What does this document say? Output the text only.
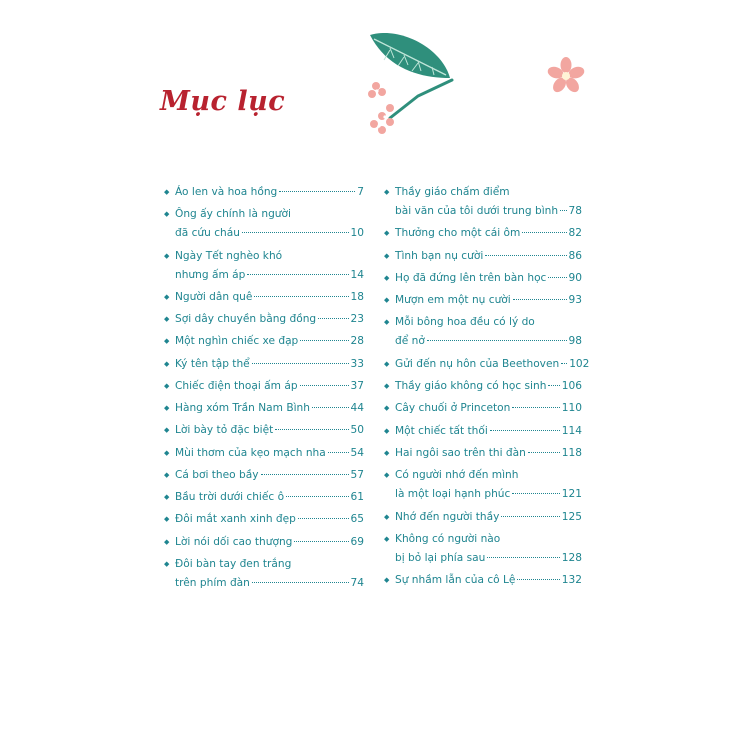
Mục lục
◆ Áo len và hoa hồng	7
◆ Ông ấy chính là người
đã cứu cháu	10
◆ Ngày Tết nghèo khó
nhưng ấm áp	14
◆ Người dân quê	18
◆ Sợi dây chuyền bằng đồng	23
◆ Một nghìn chiếc xe đạp	28
◆ Ký tên tập thể	33
◆ Chiếc điện thoại ấm áp	37
◆ Hàng xóm Trần Nam Bình	44
◆ Lời bày tỏ đặc biệt	50
◆ Mùi thơm của kẹo mạch nha 54
◆ Cá bơi theo bầy	57
◆ Bầu trời dưới chiếc ô	61
◆ Đôi mắt xanh xinh đẹp	65
◆ Lời nói dối cao thượng	69
◆ Đôi bàn tay đen trắng
trên phím đàn	74
◆ Thầy giáo chấm điểm
bài văn của tôi dưới trung bình 78
◆ Thưởng cho một cái ôm	82
◆ Tình bạn nụ cười	86
◆ Họ đã đứng lên trên bàn học 90
◆ Mượn em một nụ cười	93
◆ Mỗi bông hoa đều có lý do
để nở	98
◆ Gửi đến nụ hôn của Beethoven 102
◆ Thầy giáo không có học sinh 106
◆ Cây chuối ở Princeton	110
◆ Một chiếc tất thối	114
◆ Hai ngôi sao trên thi đàn	118
◆ Có người nhớ đến mình
là một loại hạnh phúc	121
◆ Nhớ đến người thầy	125
◆ Không có người nào
bị bỏ lại phía sau	128
◆ Sự nhầm lẫn của cô Lệ	132
